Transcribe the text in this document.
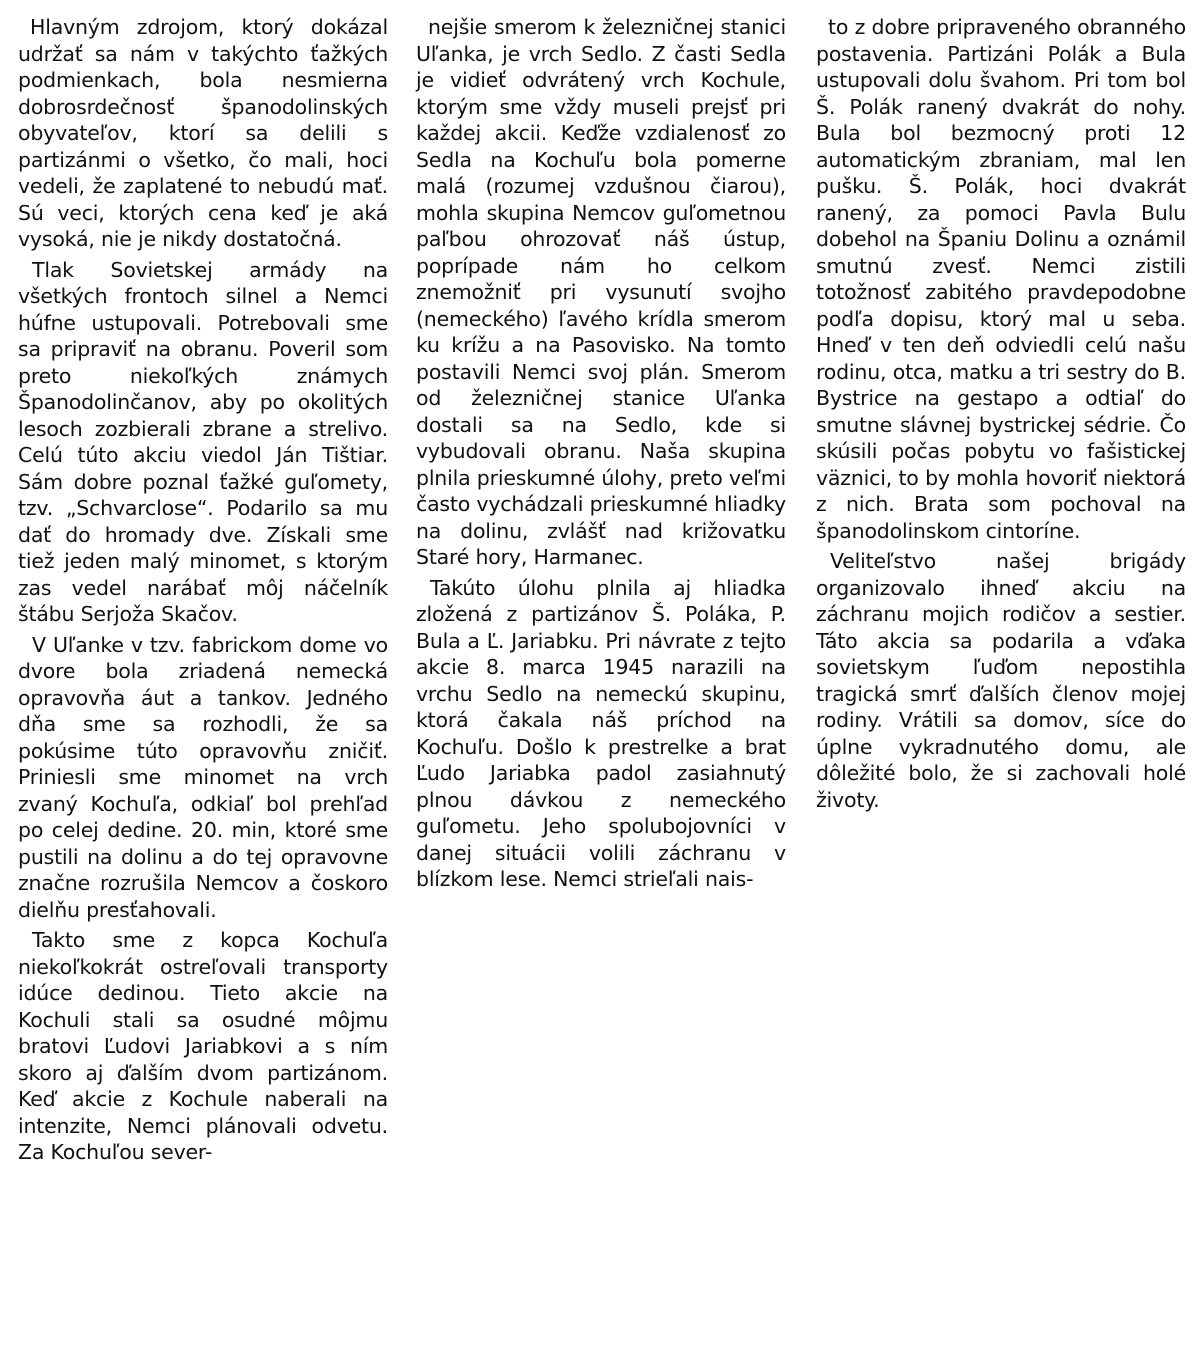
Hlavným zdrojom, ktorý dokázal udržať sa nám v takýchto ťažkých podmienkach, bola nesmierna dobrosrdečnosť španodolinských obyvateľov, ktorí sa delili s partizánmi o všetko, čo mali, hoci vedeli, že zaplatené to nebudú mať. Sú veci, ktorých cena keď je aká vysoká, nie je nikdy dostatočná.

Tlak Sovietskej armády na všetkých frontoch silnel a Nemci húfne ustupovali. Potrebovali sme sa pripraviť na obranu. Poveril som preto niekoľkých známych Španodolinčanov, aby po okolitých lesoch zozbierali zbrane a strelivo. Celú túto akciu viedol Ján Tištiar. Sám dobre poznal ťažké guľomety, tzv. „Schvarclose“. Podarilo sa mu dať do hromady dve. Získali sme tiež jeden malý minomet, s ktorým zas vedel narábať môj náčelník štábu Serjoža Skačov.

V Uľanke v tzv. fabrickom dome vo dvore bola zriadená nemecká opravovňa áut a tankov. Jedného dňa sme sa rozhodli, že sa pokúsime túto opravovňu zničiť. Priniesli sme minomet na vrch zvaný Kochuľa, odkiaľ bol prehľad po celej dedine. 20. min, ktoré sme pustili na dolinu a do tej opravovne značne rozrušila Nemcov a čoskoro dielňu presťahovali.

Takto sme z kopca Kochuľa niekoľkokrát ostreľovali transporty idúce dedinou. Tieto akcie na Kochuli stali sa osudné môjmu bratovi Ľudovi Jariabkovi a s ním skoro aj ďalším dvom partizánom. Keď akcie z Kochule naberali na intenzite, Nemci plánovali odvetu. Za Kochuľou sever-

nejšie smerom k železničnej stanici Uľanka, je vrch Sedlo. Z časti Sedla je vidieť odvrátený vrch Kochule, ktorým sme vždy museli prejsť pri každej akcii. Keďže vzdialenosť zo Sedla na Kochuľu bola pomerne malá (rozumej vzdušnou čiarou), mohla skupina Nemcov guľometnou paľbou ohrozovať náš ústup, poprípade nám ho celkom znemožniť pri vysunutí svojho (nemeckého) ľavého krídla smerom ku krížu a na Pasovisko. Na tomto postavili Nemci svoj plán. Smerom od železničnej stanice Uľanka dostali sa na Sedlo, kde si vybudovali obranu. Naša skupina plnila prieskumné úlohy, preto veľmi často vychádzali prieskumné hliadky na dolinu, zvlášť nad križovatku Staré hory, Harmanec.

Takúto úlohu plnila aj hliadka zložená z partizánov Š. Poláka, P. Bula a Ľ. Jariabku. Pri návrate z tejto akcie 8. marca 1945 narazili na vrchu Sedlo na nemeckú skupinu, ktorá čakala náš príchod na Kochuľu. Došlo k prestrelke a brat Ľudo Jariabka padol zasiahnutý plnou dávkou z nemeckého guľometu. Jeho spolubojovníci v danej situácii volili záchranu v blízkom lese. Nemci strieľali nais-

to z dobre pripraveného obranného postavenia. Partizáni Polák a Bula ustupovali dolu švahom. Pri tom bol Š. Polák ranený dvakrát do nohy. Bula bol bezmocný proti 12 automatickým zbraniam, mal len pušku. Š. Polák, hoci dvakrát ranený, za pomoci Pavla Bulu dobehol na Španiu Dolinu a oznámil smutnú zvesť. Nemci zistili totožnosť zabitého pravdepodobne podľa dopisu, ktorý mal u seba. Hneď v ten deň odviedli celú našu rodinu, otca, matku a tri sestry do B. Bystrice na gestapo a odtiaľ do smutne slávnej bystrickej sédrie. Čo skúsili počas pobytu vo fašistickej väznici, to by mohla hovoriť niektorá z nich. Brata som pochoval na španodolinskom cintoríne.

Veliteľstvo našej brigády organizovalo ihneď akciu na záchranu mojich rodičov a sestier. Táto akcia sa podarila a vďaka sovietskym ľuďom nepostihla tragická smrť ďalších členov mojej rodiny. Vrátili sa domov, síce do úplne vykradnutého domu, ale dôležité bolo, že si zachovali holé životy.
